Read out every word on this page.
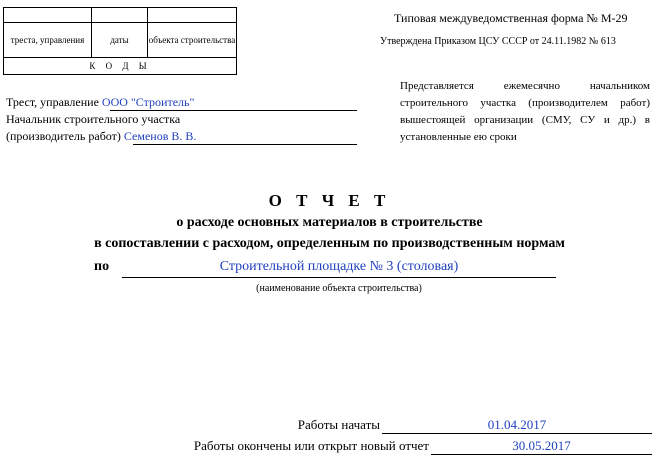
треста, управления	даты	объекта строительства
К О Д Ы		
Типовая междуведомственная форма № М-29
Утверждена Приказом ЦСУ СССР от 24.11.1982 № 613
Представляется ежемесячно начальником строительного участка (производителем работ) вышестоящей организации (СМУ, СУ и др.) в установленные ею сроки
Трест, управление ООО "Строитель"
Начальник строительного участка
(производитель работ) Семенов В. В.
О Т Ч Е Т
о расходе основных материалов в строительстве
в сопоставлении с расходом, определенным по производственным нормам
по	Строительной площадке № 3 (столовая)
(наименование объекта строительства)
Работы начаты	01.04.2017
Работы окончены или открыт новый отчет	30.05.2017
